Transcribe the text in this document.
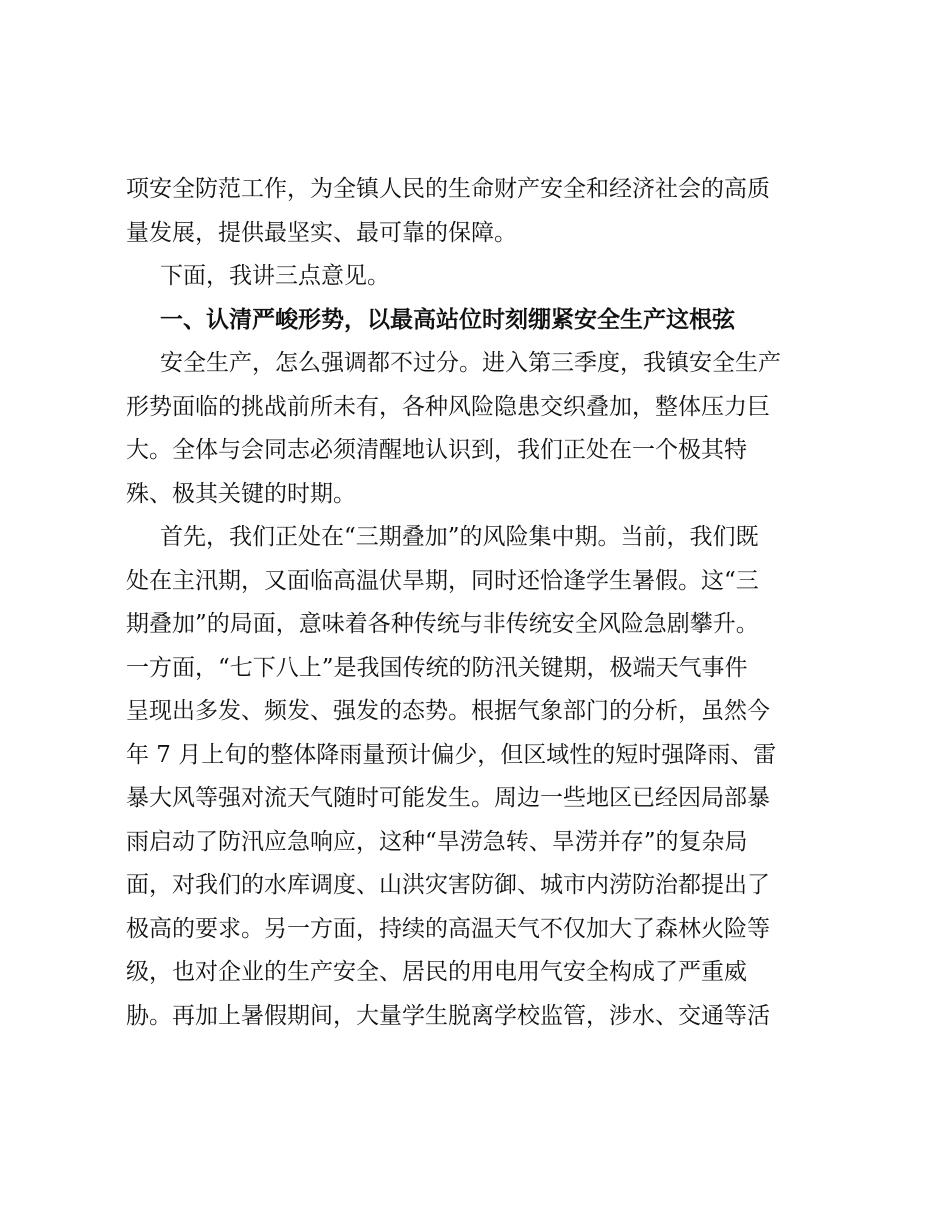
项安全防范工作，为全镇人民的生命财产安全和经济社会的高质
量发展，提供最坚实、最可靠的保障。
下面，我讲三点意见。
一、认清严峻形势，以最高站位时刻绷紧安全生产这根弦
安全生产，怎么强调都不过分。进入第三季度，我镇安全生产
形势面临的挑战前所未有，各种风险隐患交织叠加，整体压力巨
大。全体与会同志必须清醒地认识到，我们正处在一个极其特
殊、极其关键的时期。
首先，我们正处在“三期叠加”的风险集中期。当前，我们既
处在主汛期，又面临高温伏旱期，同时还恰逢学生暑假。这“三
期叠加”的局面，意味着各种传统与非传统安全风险急剧攀升。
一方面，“七下八上”是我国传统的防汛关键期，极端天气事件
呈现出多发、频发、强发的态势。根据气象部门的分析，虽然今
年 7 月上旬的整体降雨量预计偏少，但区域性的短时强降雨、雷
暴大风等强对流天气随时可能发生。周边一些地区已经因局部暴
雨启动了防汛应急响应，这种“旱涝急转、旱涝并存”的复杂局
面，对我们的水库调度、山洪灾害防御、城市内涝防治都提出了
极高的要求。另一方面，持续的高温天气不仅加大了森林火险等
级，也对企业的生产安全、居民的用电用气安全构成了严重威
胁。再加上暑假期间，大量学生脱离学校监管，涉水、交通等活
